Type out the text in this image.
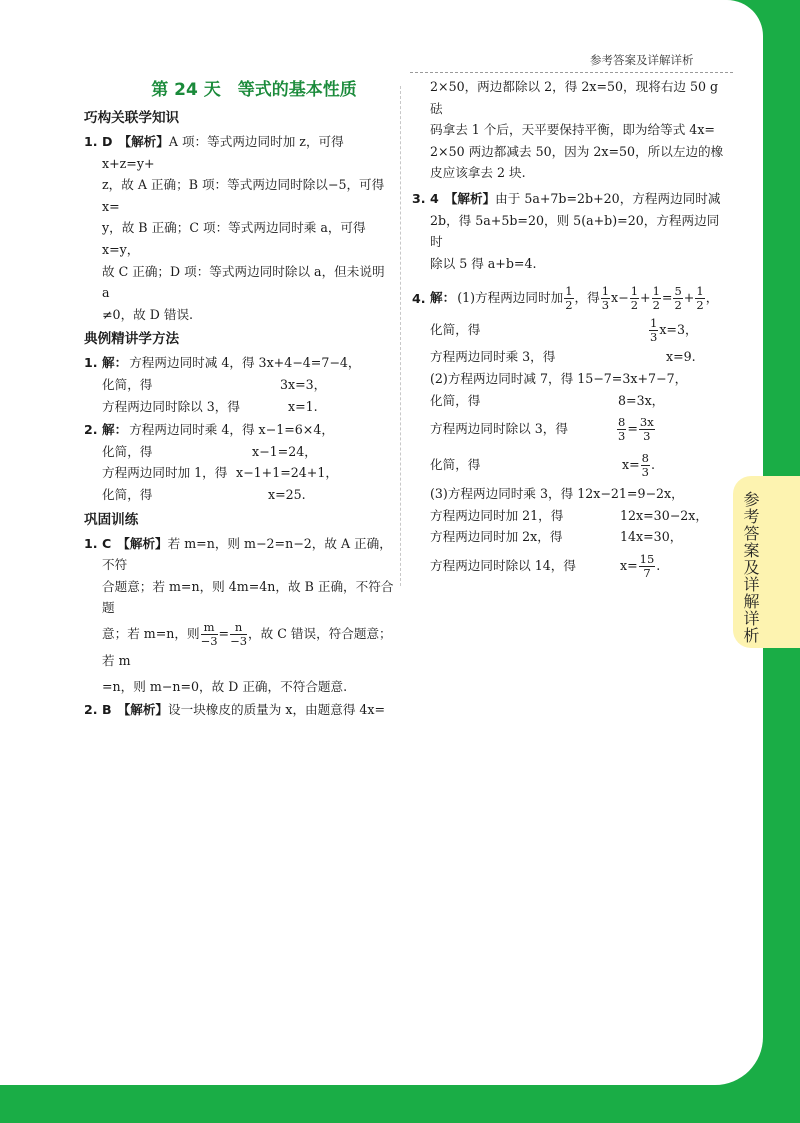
参考答案及详解详析
参考答案及详解详析
第 24 天　等式的基本性质
巧构关联学知识
1. D 【解析】A 项：等式两边同时加 z，可得 x+z=y+
z，故 A 正确；B 项：等式两边同时除以−5，可得 x=
y，故 B 正确；C 项：等式两边同时乘 a，可得 x=y，
故 C 正确；D 项：等式两边同时除以 a，但未说明 a
≠0，故 D 错误.
典例精讲学方法
1. 解： 方程两边同时减 4，得 3x+4−4=7−4，
化简，得	3x=3，
方程两边同时除以 3，得	x=1.
2. 解： 方程两边同时乘 4，得 x−1=6×4，
化简，得	x−1=24，
方程两边同时加 1，得 x−1+1=24+1，
化简，得	x=25.
巩固训练
1. C 【解析】若 m=n，则 m−2=n−2，故 A 正确，不符
合题意；若 m=n，则 4m=4n，故 B 正确，不符合题
意；若 m=n，则 $\frac{m}{-3} = \frac{n}{-3}$ ，故 C 错误，符合题意；若 m
=n，则 m−n=0，故 D 正确，不符合题意.
2. B 【解析】设一块橡皮的质量为 x，由题意得 4x=
2×50，两边都除以 2，得 2x=50，现将右边 50 g 砝
码拿去 1 个后，天平要保持平衡，即为给等式 4x=
2×50 两边都减去 50，因为 2x=50，所以左边的橡
皮应该拿去 2 块.
3. 4 【解析】由于 5a+7b=2b+20，方程两边同时减
2b，得 5a+5b=20，则 5(a+b)=20，方程两边同时
除以 5 得 a+b=4.
4. 解： (1)方程两边同时加 $\frac{1}{2}$ ，得 $\frac{1}{3} x- \frac{1}{2} + \frac{1}{2} = \frac{5}{2} + \frac{1}{2}$ ，
化简，得	$\frac{1}{3} x=3$，
方程两边同时乘 3，得	x=9.
(2)方程两边同时减 7，得 15−7=3x+7−7，
化简，得	8=3x，
方程两边同时除以 3，得	$\frac{8}{3} = \frac{3x}{3}$
化简，得	$x= \frac{8}{3}$ .
(3)方程两边同时乘 3，得 12x−21=9−2x，
方程两边同时加 21，得	12x=30−2x，
方程两边同时加 2x，得	14x=30，
方程两边同时除以 14，得	$x= \frac{15}{7}$ .
